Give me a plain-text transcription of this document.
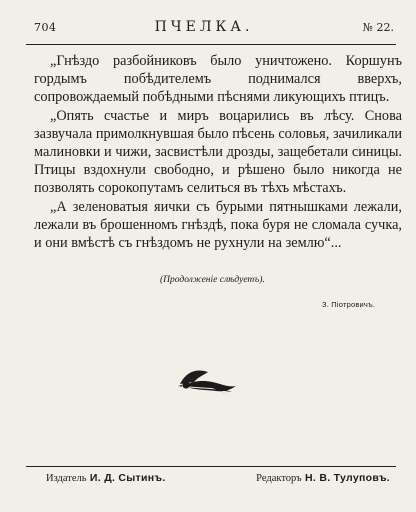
704	ПЧЕЛКА.	№ 22.

„Гнѣздо разбойниковъ было уничтожено. Коршунъ гордымъ побѣдителемъ поднимался вверхъ, сопровождаемый побѣдными пѣснями ликующихъ птицъ.

„Опять счастье и миръ воцарились въ лѣсу. Снова зазвучала примолкнувшая было пѣсень соловья, зачиликали малиновки и чижи, засвистѣли дрозды, защебетали синицы. Птицы вздохнули свободно, и рѣшено было никогда не позволять сорокопутамъ селиться въ тѣхъ мѣстахъ.

„А зеленоватыя яички съ бурыми пятнышками лежали, лежали въ брошенномъ гнѣздѣ, пока буря не сломала сучка, и они вмѣстѣ съ гнѣздомъ не рухнули на землю“...

(Продолженіе слѣдуетъ).
З. Піотровичъ.
Издатель И. Д. Сытинъ.	Редакторъ Н. В. Тулуповъ.
